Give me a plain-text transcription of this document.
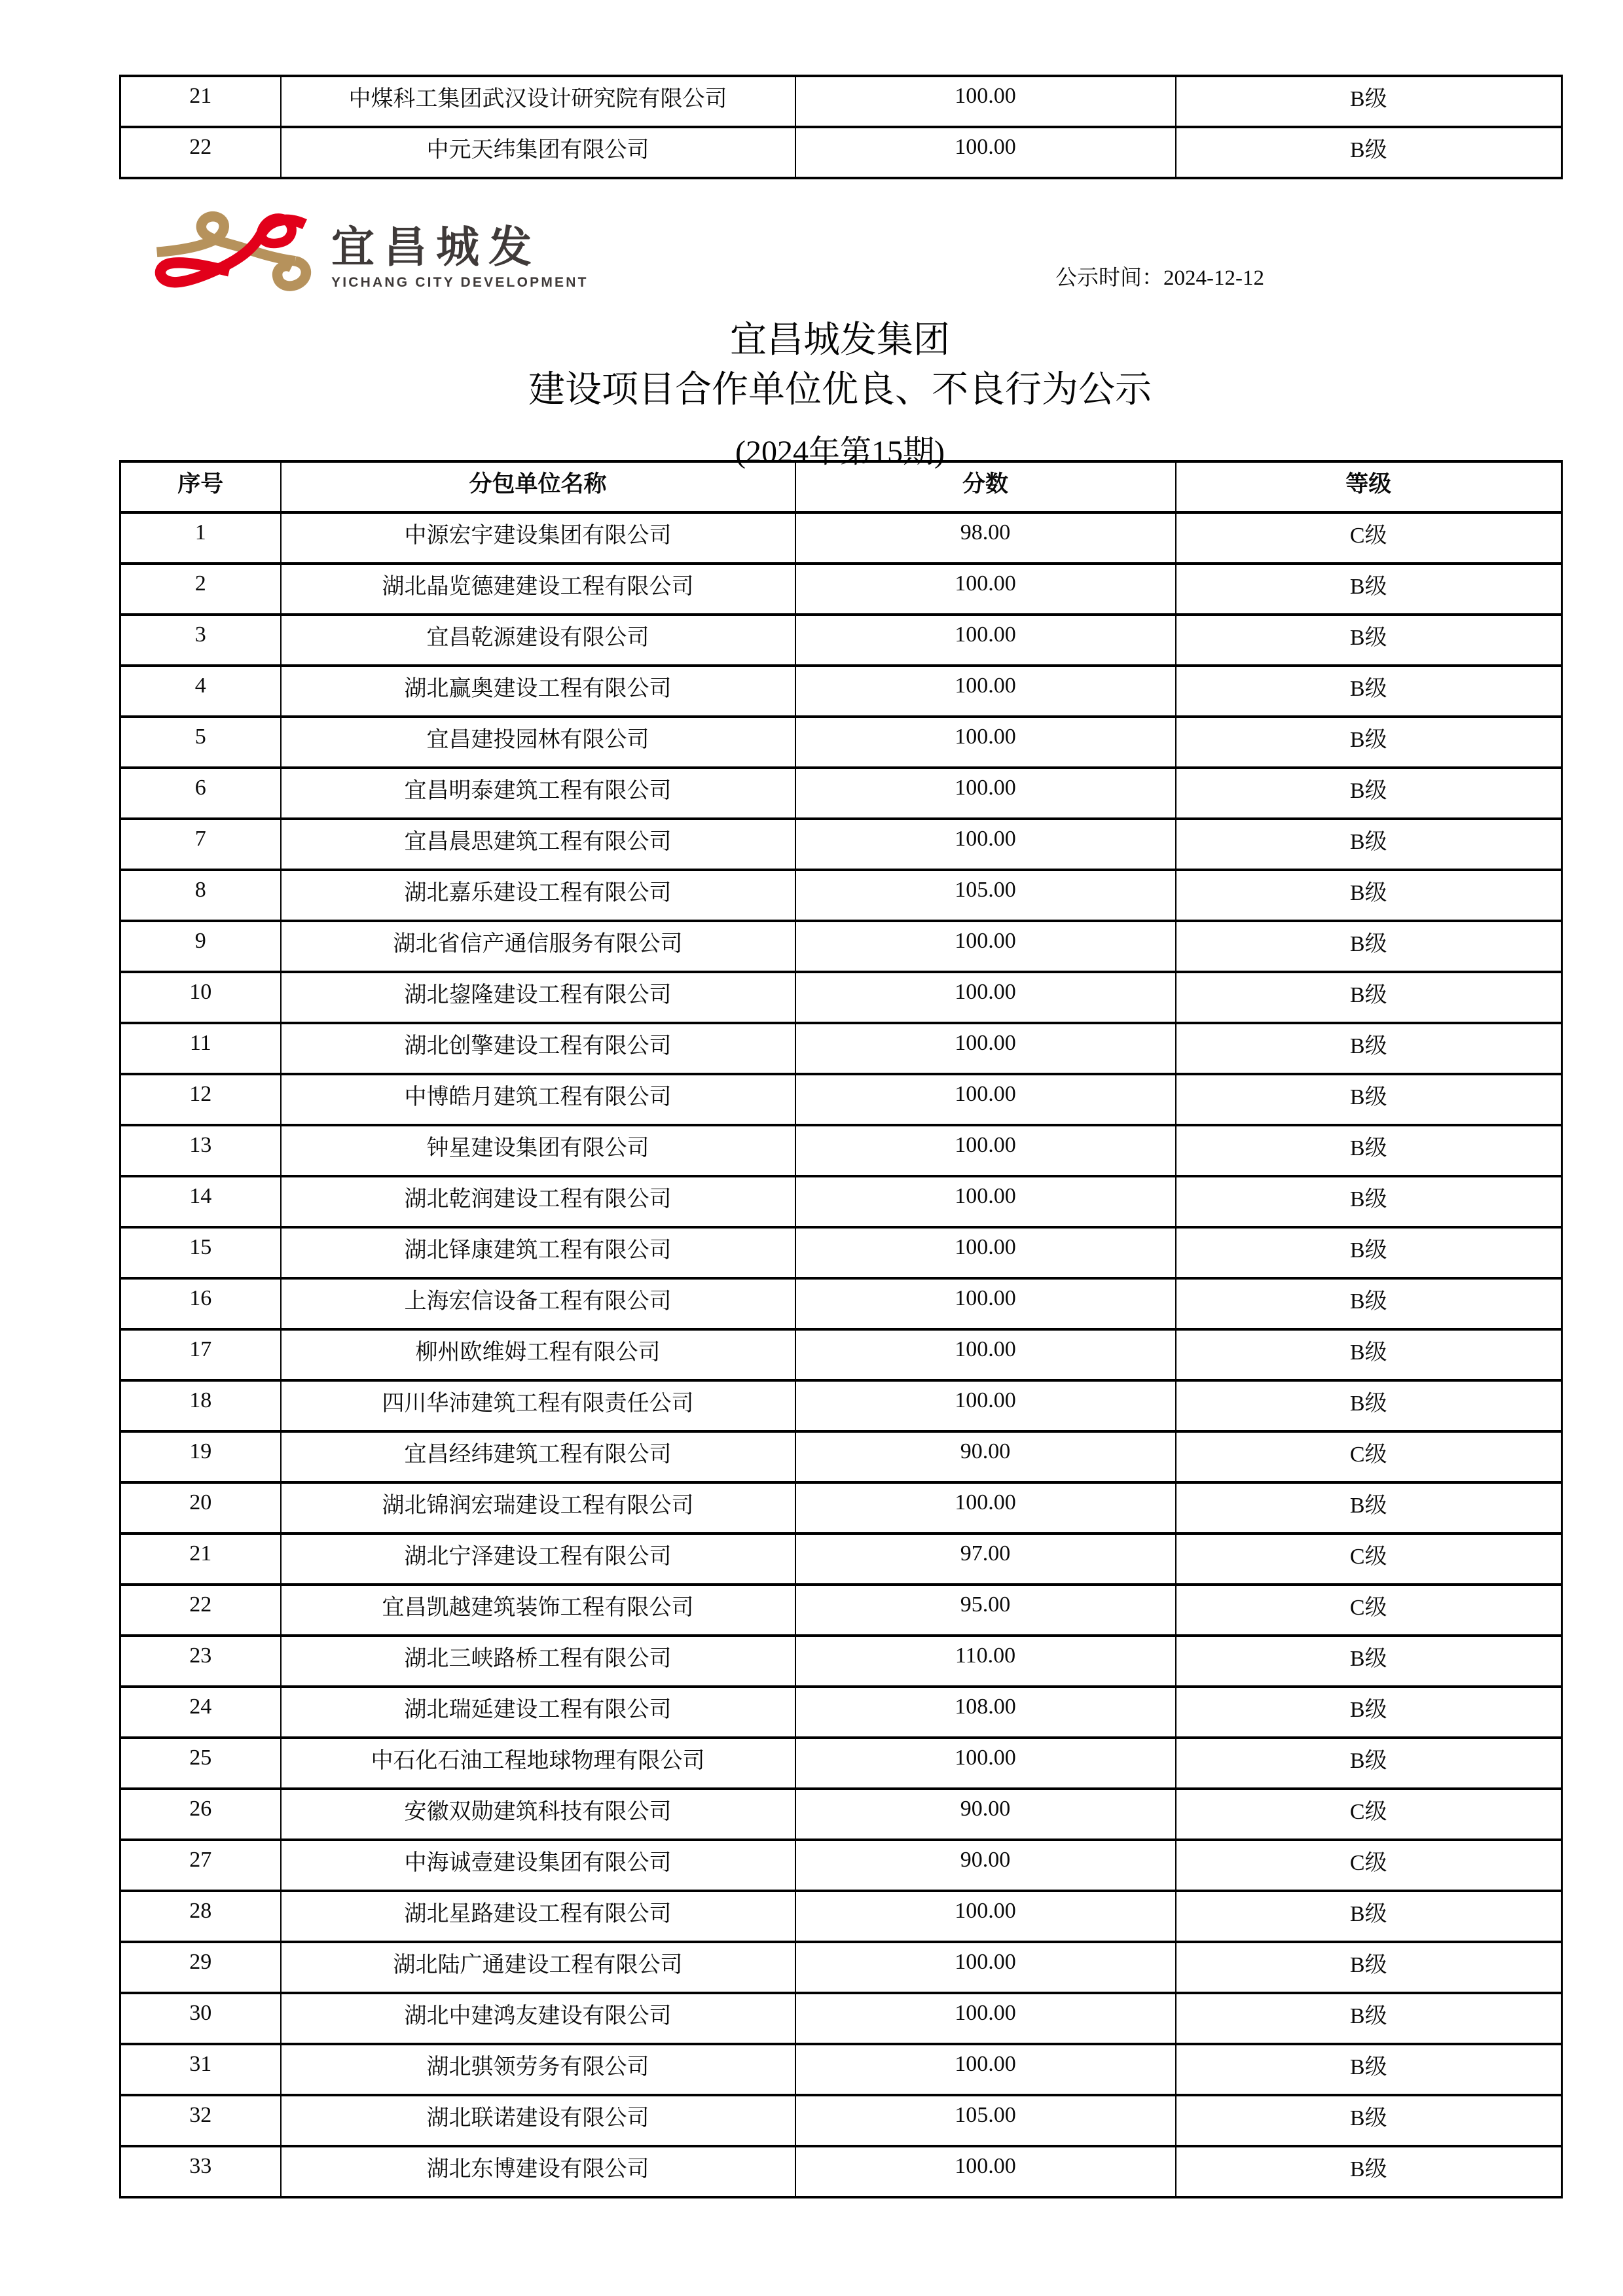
21	中煤科工集团武汉设计研究院有限公司	100.00	B级
22	中元天纬集团有限公司	100.00	B级
宜昌城发
YICHANG CITY DEVELOPMENT	公示时间：2024-12-12
宜昌城发集团
建设项目合作单位优良、不良行为公示
(2024年第15期)
序号	分包单位名称	分数	等级
1	中源宏宇建设集团有限公司	98.00	C级
2	湖北晶览德建建设工程有限公司	100.00	B级
3	宜昌乾源建设有限公司	100.00	B级
4	湖北赢奥建设工程有限公司	100.00	B级
5	宜昌建投园林有限公司	100.00	B级
6	宜昌明泰建筑工程有限公司	100.00	B级
7	宜昌晨思建筑工程有限公司	100.00	B级
8	湖北嘉乐建设工程有限公司	105.00	B级
9	湖北省信产通信服务有限公司	100.00	B级
10	湖北鋆隆建设工程有限公司	100.00	B级
11	湖北创擎建设工程有限公司	100.00	B级
12	中博皓月建筑工程有限公司	100.00	B级
13	钟星建设集团有限公司	100.00	B级
14	湖北乾润建设工程有限公司	100.00	B级
15	湖北铎康建筑工程有限公司	100.00	B级
16	上海宏信设备工程有限公司	100.00	B级
17	柳州欧维姆工程有限公司	100.00	B级
18	四川华沛建筑工程有限责任公司	100.00	B级
19	宜昌经纬建筑工程有限公司	90.00	C级
20	湖北锦润宏瑞建设工程有限公司	100.00	B级
21	湖北宁泽建设工程有限公司	97.00	C级
22	宜昌凯越建筑装饰工程有限公司	95.00	C级
23	湖北三峡路桥工程有限公司	110.00	B级
24	湖北瑞延建设工程有限公司	108.00	B级
25	中石化石油工程地球物理有限公司	100.00	B级
26	安徽双勋建筑科技有限公司	90.00	C级
27	中海诚壹建设集团有限公司	90.00	C级
28	湖北星路建设工程有限公司	100.00	B级
29	湖北陆广通建设工程有限公司	100.00	B级
30	湖北中建鸿友建设有限公司	100.00	B级
31	湖北骐领劳务有限公司	100.00	B级
32	湖北联诺建设有限公司	105.00	B级
33	湖北东博建设有限公司	100.00	B级
